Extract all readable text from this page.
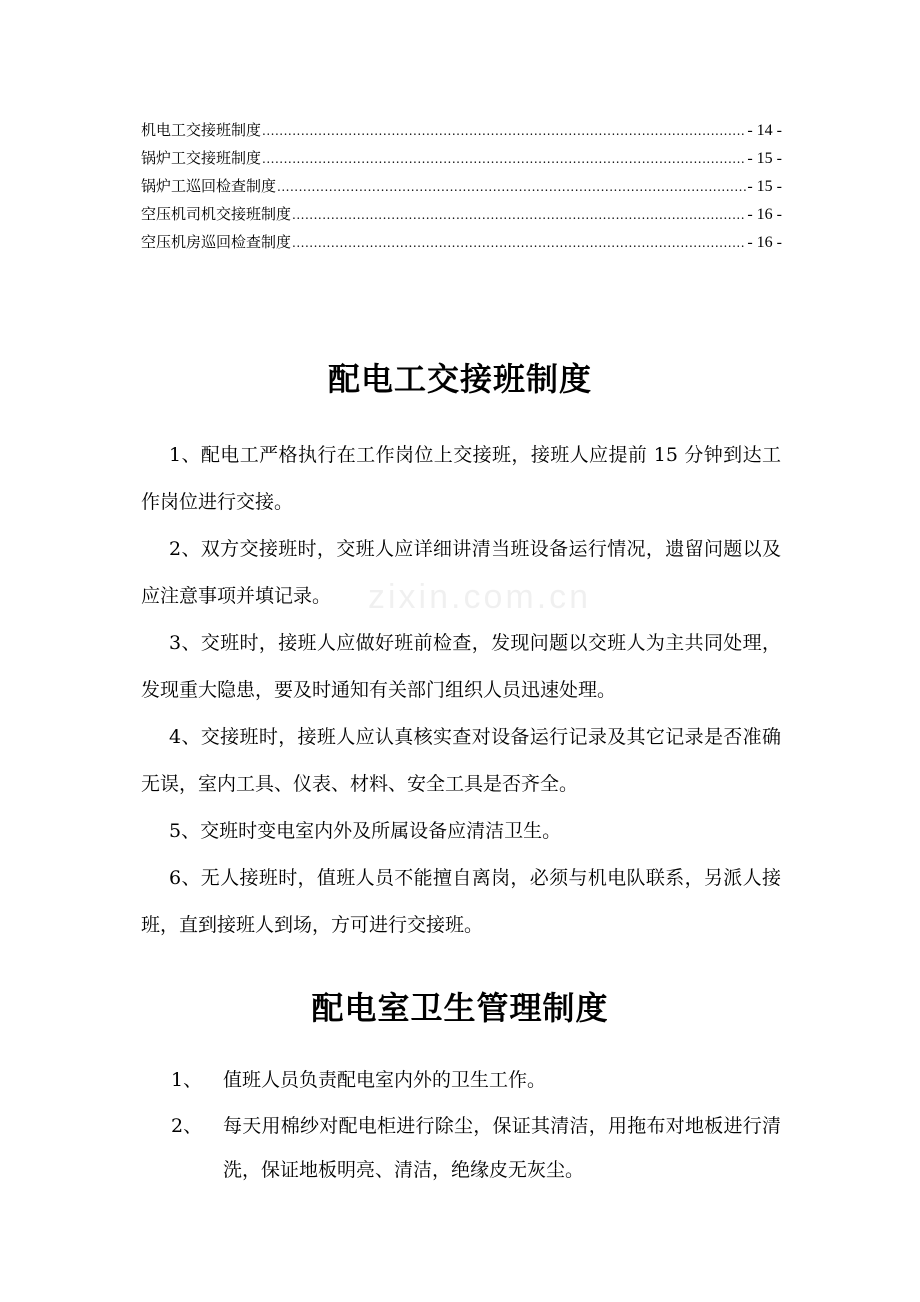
机电工交接班制度 .....	- 14 -
锅炉工交接班制度 .....	- 15 -
锅炉工巡回检查制度 .....	- 15 -
空压机司机交接班制度 .....	- 16 -
空压机房巡回检查制度 .....	- 16 -
配电工交接班制度
zixin.com.cn

1、配电工严格执行在工作岗位上交接班，接班人应提前 15 分钟到达工作岗位进行交接。

2、双方交接班时，交班人应详细讲清当班设备运行情况，遗留问题以及应注意事项并填记录。

3、交班时，接班人应做好班前检查，发现问题以交班人为主共同处理，发现重大隐患，要及时通知有关部门组织人员迅速处理。

4、交接班时，接班人应认真核实查对设备运行记录及其它记录是否准确无误，室内工具、仪表、材料、安全工具是否齐全。

5、交班时变电室内外及所属设备应清洁卫生。

6、无人接班时，值班人员不能擅自离岗，必须与机电队联系，另派人接班，直到接班人到场，方可进行交接班。

配电室卫生管理制度
1、	值班人员负责配电室内外的卫生工作。
2、	每天用棉纱对配电柜进行除尘，保证其清洁，用拖布对地板进行清洗，保证地板明亮、清洁，绝缘皮无灰尘。
